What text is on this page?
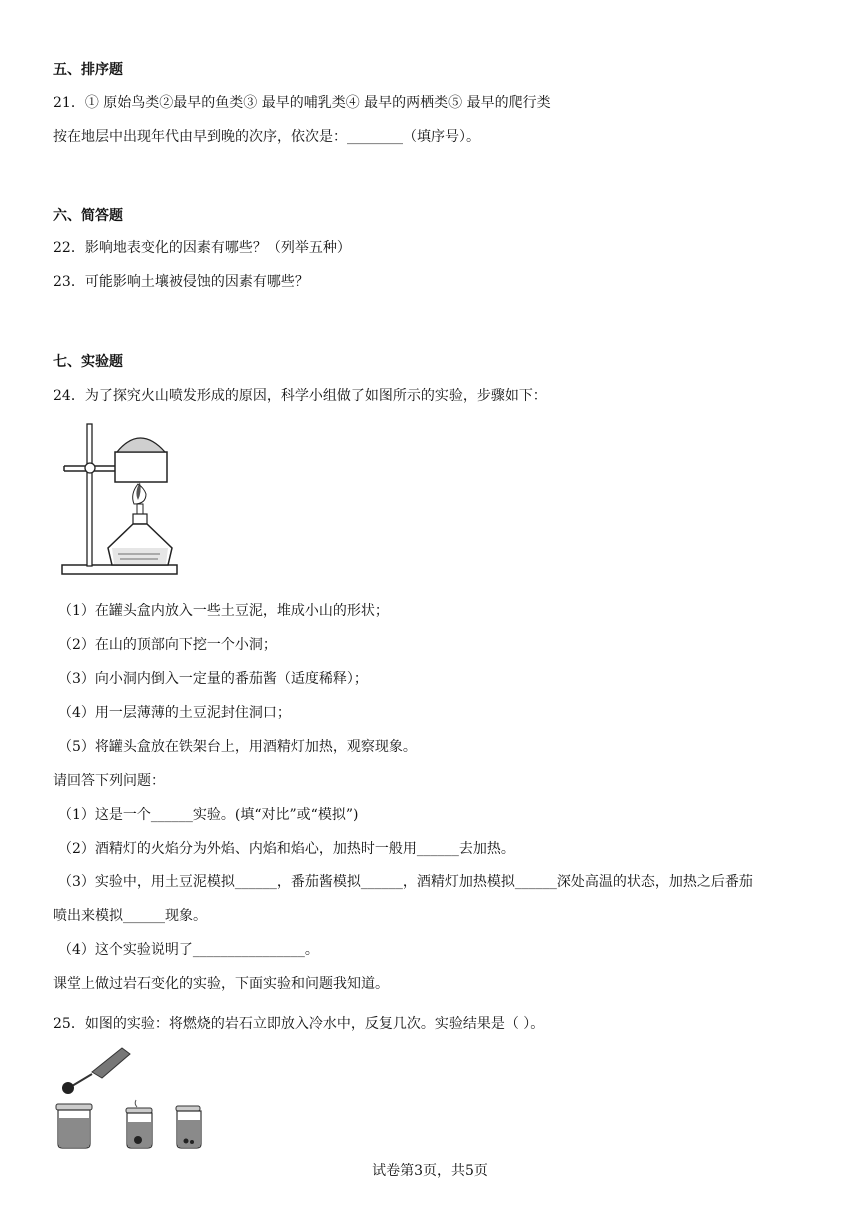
五、排序题
21．① 原始鸟类②最早的鱼类③ 最早的哺乳类④ 最早的两栖类⑤ 最早的爬行类
按在地层中出现年代由早到晚的次序，依次是：________（填序号）。
六、简答题
22．影响地表变化的因素有哪些？（列举五种）
23．可能影响土壤被侵蚀的因素有哪些？
七、实验题
24．为了探究火山喷发形成的原因，科学小组做了如图所示的实验，步骤如下：
（1）在罐头盒内放入一些土豆泥，堆成小山的形状；
（2）在山的顶部向下挖一个小洞；
（3）向小洞内倒入一定量的番茄酱（适度稀释）；
（4）用一层薄薄的土豆泥封住洞口；
（5）将罐头盒放在铁架台上，用酒精灯加热，观察现象。
请回答下列问题：
（1）这是一个______实验。(填“对比”或“模拟”)
（2）酒精灯的火焰分为外焰、内焰和焰心，加热时一般用______去加热。
（3）实验中，用土豆泥模拟______，番茄酱模拟______，酒精灯加热模拟______深处高温的状态，加热之后番茄
喷出来模拟______现象。
（4）这个实验说明了________________。
课堂上做过岩石变化的实验，下面实验和问题我知道。
25．如图的实验：将燃烧的岩石立即放入冷水中，反复几次。实验结果是（ ）。
试卷第3页，共5页
